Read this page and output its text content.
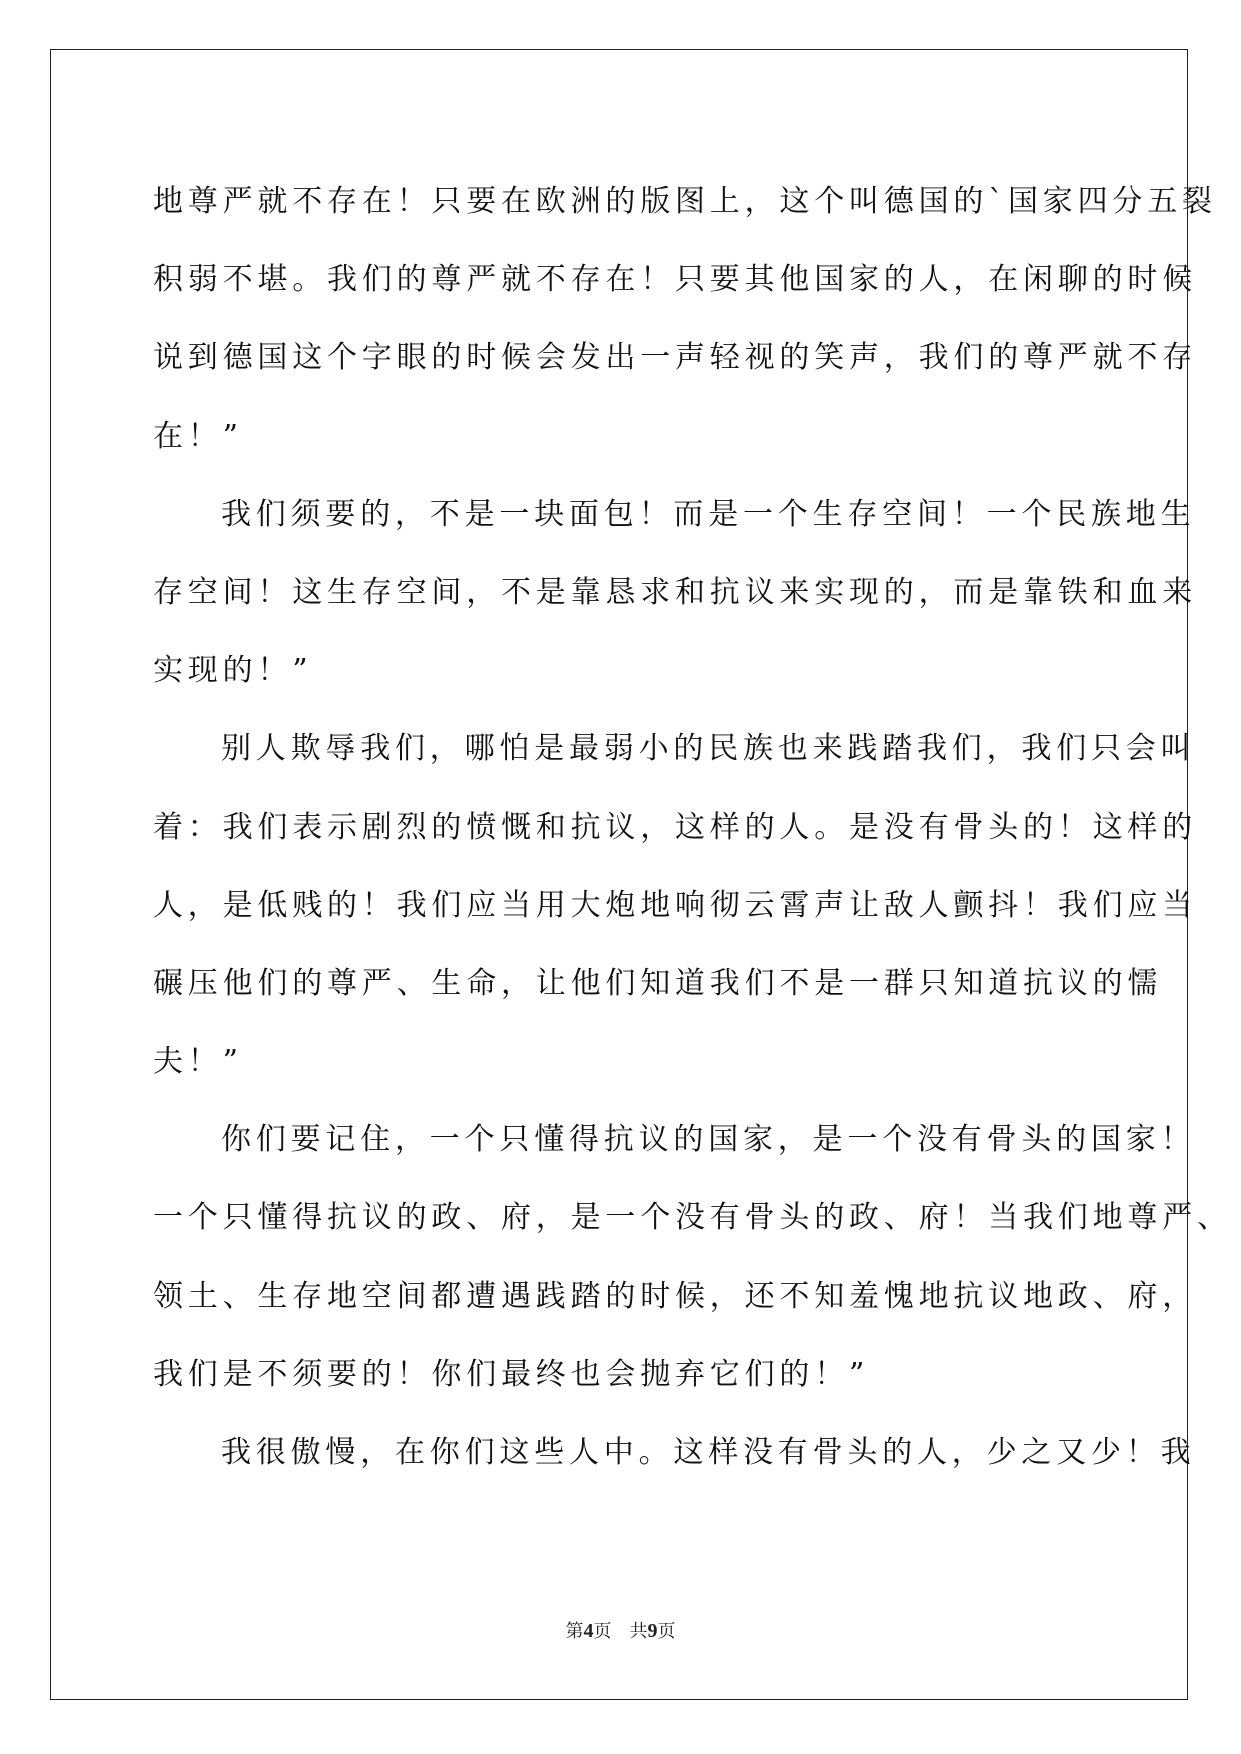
地尊严就不存在！只要在欧洲的版图上，这个叫德国的`国家四分五裂
积弱不堪。我们的尊严就不存在！只要其他国家的人，在闲聊的时候
说到德国这个字眼的时候会发出一声轻视的笑声，我们的尊严就不存
在！”
我们须要的，不是一块面包！而是一个生存空间！一个民族地生
存空间！这生存空间，不是靠恳求和抗议来实现的，而是靠铁和血来
实现的！”
别人欺辱我们，哪怕是最弱小的民族也来践踏我们，我们只会叫
着：我们表示剧烈的愤慨和抗议，这样的人。是没有骨头的！这样的
人，是低贱的！我们应当用大炮地响彻云霄声让敌人颤抖！我们应当
碾压他们的尊严、生命，让他们知道我们不是一群只知道抗议的懦
夫！”
你们要记住，一个只懂得抗议的国家，是一个没有骨头的国家！
一个只懂得抗议的政、府，是一个没有骨头的政、府！当我们地尊严、
领土、生存地空间都遭遇践踏的时候，还不知羞愧地抗议地政、府，
我们是不须要的！你们最终也会抛弃它们的！”
我很傲慢，在你们这些人中。这样没有骨头的人，少之又少！我
第4页 共9页
